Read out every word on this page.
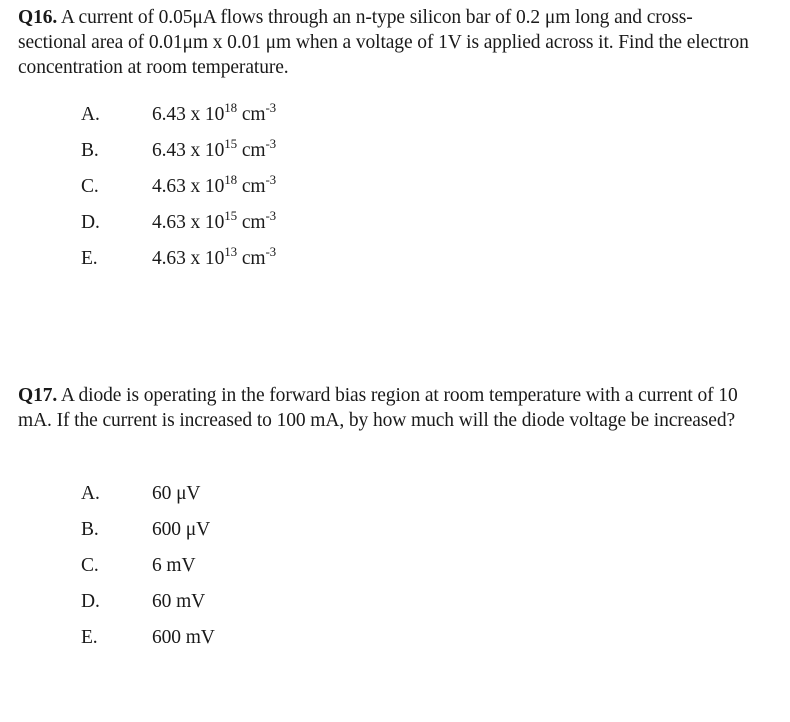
Q16. A current of 0.05μA flows through an n-type silicon bar of 0.2 μm long and cross-sectional area of 0.01μm x 0.01 μm when a voltage of 1V is applied across it. Find the electron concentration at room temperature.
A.	6.43 x $10^{18}$ $cm^{-3}$
B.	6.43 x $10^{15}$ $cm^{-3}$
C.	4.63 x $10^{18}$ $cm^{-3}$
D.	4.63 x $10^{15}$ $cm^{-3}$
E.	4.63 x $10^{13}$ $cm^{-3}$
Q17. A diode is operating in the forward bias region at room temperature with a current of 10 mA. If the current is increased to 100 mA, by how much will the diode voltage be increased?
A.	60 μV
B.	600 μV
C.	6 mV
D.	60 mV
E.	600 mV
